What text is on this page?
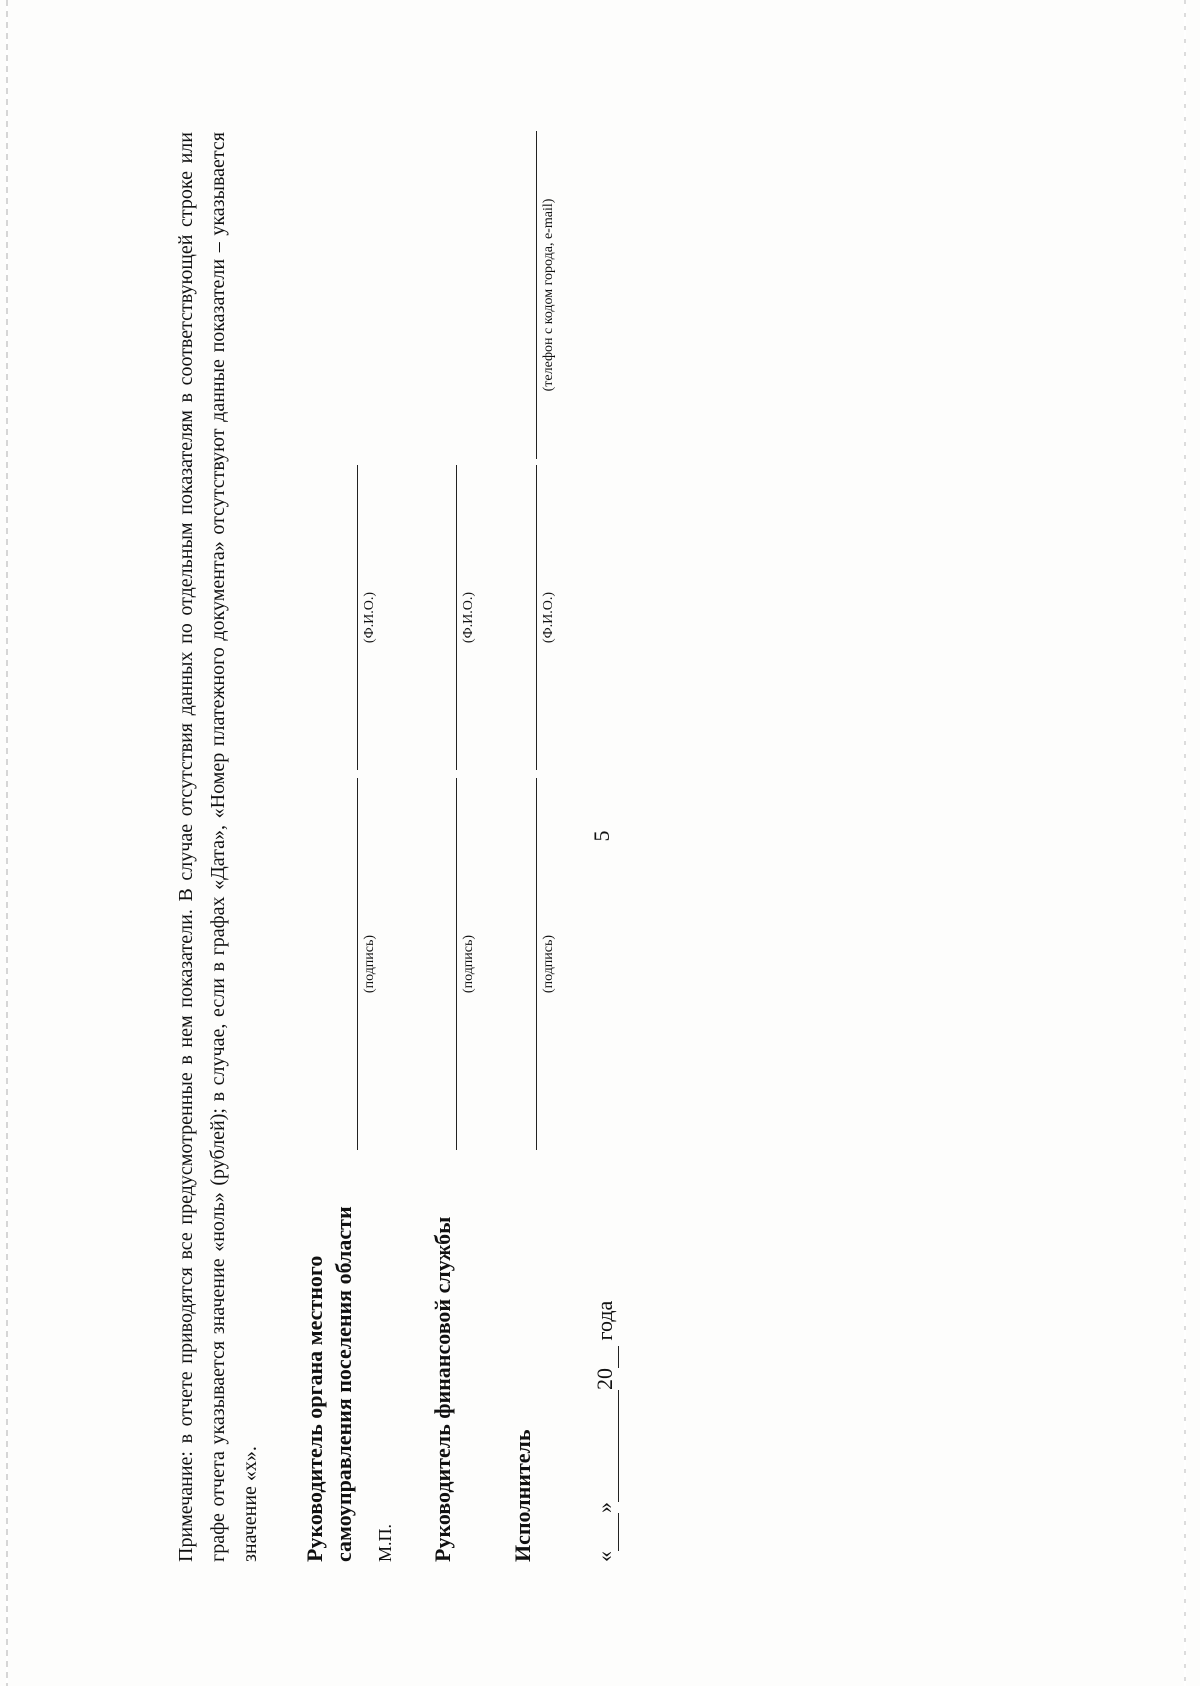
5
Примечание: в отчете приводятся все предусмотренные в нем показатели. В случае отсутствия данных по отдельным показателям в соответствующей строке или графе отчета указывается значение «ноль» (рублей); в случае, если в графах «Дата», «Номер платежного документа» отсутствуют данные показатели – указывается значение «х». Руководитель органа местного самоуправления поселения области М.П.
(подпись)
(Ф.И.О.)

Руководитель финансовой службы

(подпись)
(Ф.И.О.)

Исполнитель

(подпись)
(Ф.И.О.)
(телефон с кодом города, e-mail)
« » 20  года
